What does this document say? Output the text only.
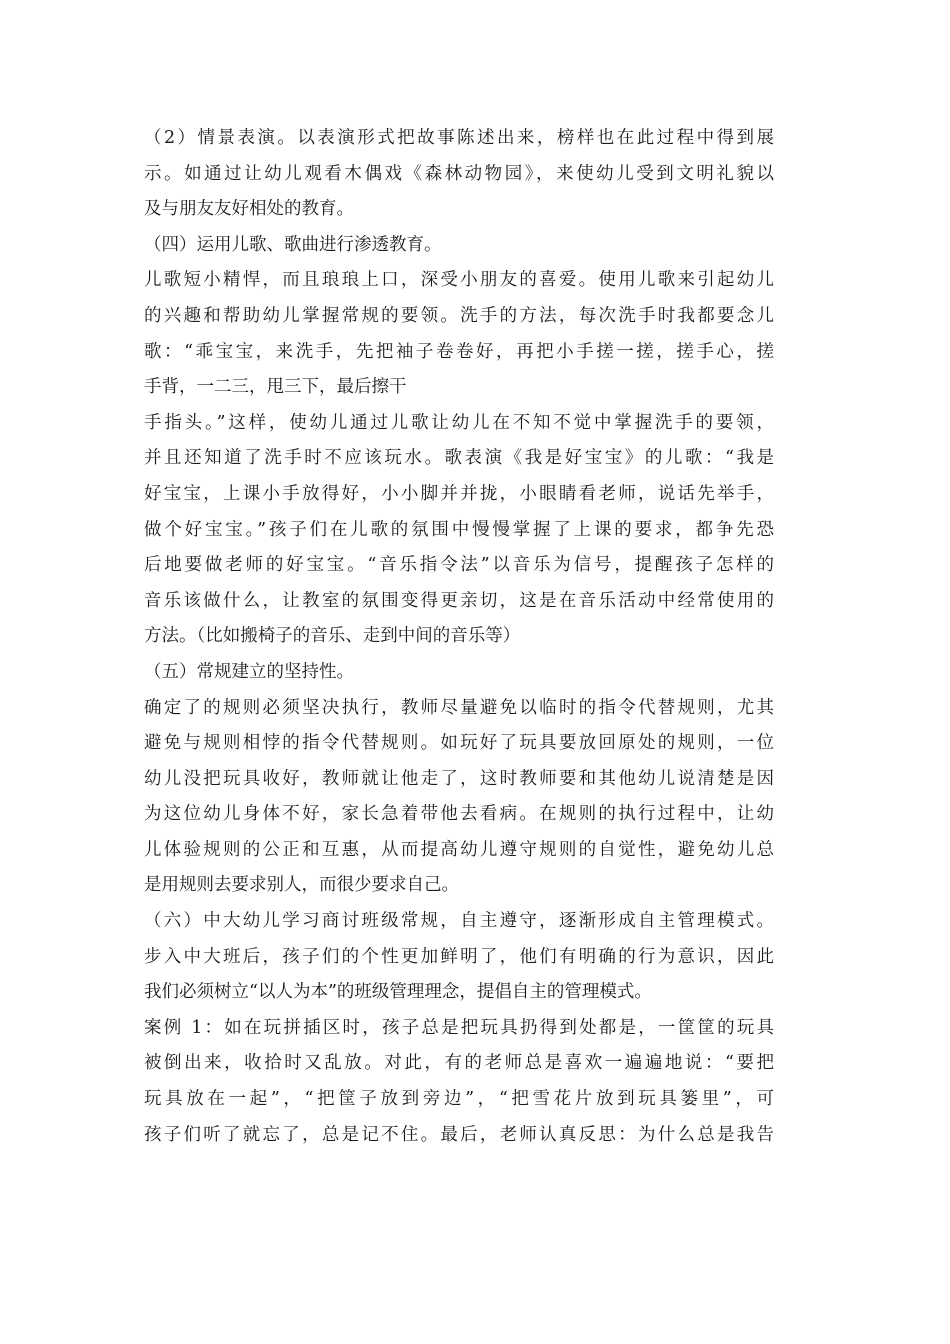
（2）情景表演。以表演形式把故事陈述出来，榜样也在此过程中得到展
示。如通过让幼儿观看木偶戏《森林动物园》，来使幼儿受到文明礼貌以
及与朋友友好相处的教育。
（四）运用儿歌、歌曲进行渗透教育。
儿歌短小精悍，而且琅琅上口，深受小朋友的喜爱。使用儿歌来引起幼儿
的兴趣和帮助幼儿掌握常规的要领。洗手的方法，每次洗手时我都要念儿
歌：“乖宝宝，来洗手，先把袖子卷卷好，再把小手搓一搓，搓手心，搓
手背，一二三，甩三下，最后擦干
手指头。”这样，使幼儿通过儿歌让幼儿在不知不觉中掌握洗手的要领，
并且还知道了洗手时不应该玩水。歌表演《我是好宝宝》的儿歌：“我是
好宝宝，上课小手放得好，小小脚并并拢，小眼睛看老师，说话先举手，
做个好宝宝。”孩子们在儿歌的氛围中慢慢掌握了上课的要求，都争先恐
后地要做老师的好宝宝。“音乐指令法”以音乐为信号，提醒孩子怎样的
音乐该做什么，让教室的氛围变得更亲切，这是在音乐活动中经常使用的
方法。（比如搬椅子的音乐、走到中间的音乐等）
（五）常规建立的坚持性。
确定了的规则必须坚决执行，教师尽量避免以临时的指令代替规则，尤其
避免与规则相悖的指令代替规则。如玩好了玩具要放回原处的规则，一位
幼儿没把玩具收好，教师就让他走了，这时教师要和其他幼儿说清楚是因
为这位幼儿身体不好，家长急着带他去看病。在规则的执行过程中，让幼
儿体验规则的公正和互惠，从而提高幼儿遵守规则的自觉性，避免幼儿总
是用规则去要求别人，而很少要求自己。
（六）中大幼儿学习商讨班级常规，自主遵守，逐渐形成自主管理模式。
步入中大班后，孩子们的个性更加鲜明了，他们有明确的行为意识，因此
我们必须树立“以人为本”的班级管理理念，提倡自主的管理模式。
案例 1：如在玩拼插区时，孩子总是把玩具扔得到处都是，一筐筐的玩具
被倒出来，收拾时又乱放。对此，有的老师总是喜欢一遍遍地说：“要把
玩具放在一起”，“把筐子放到旁边”，“把雪花片放到玩具篓里”，可
孩子们听了就忘了，总是记不住。最后，老师认真反思：为什么总是我告
